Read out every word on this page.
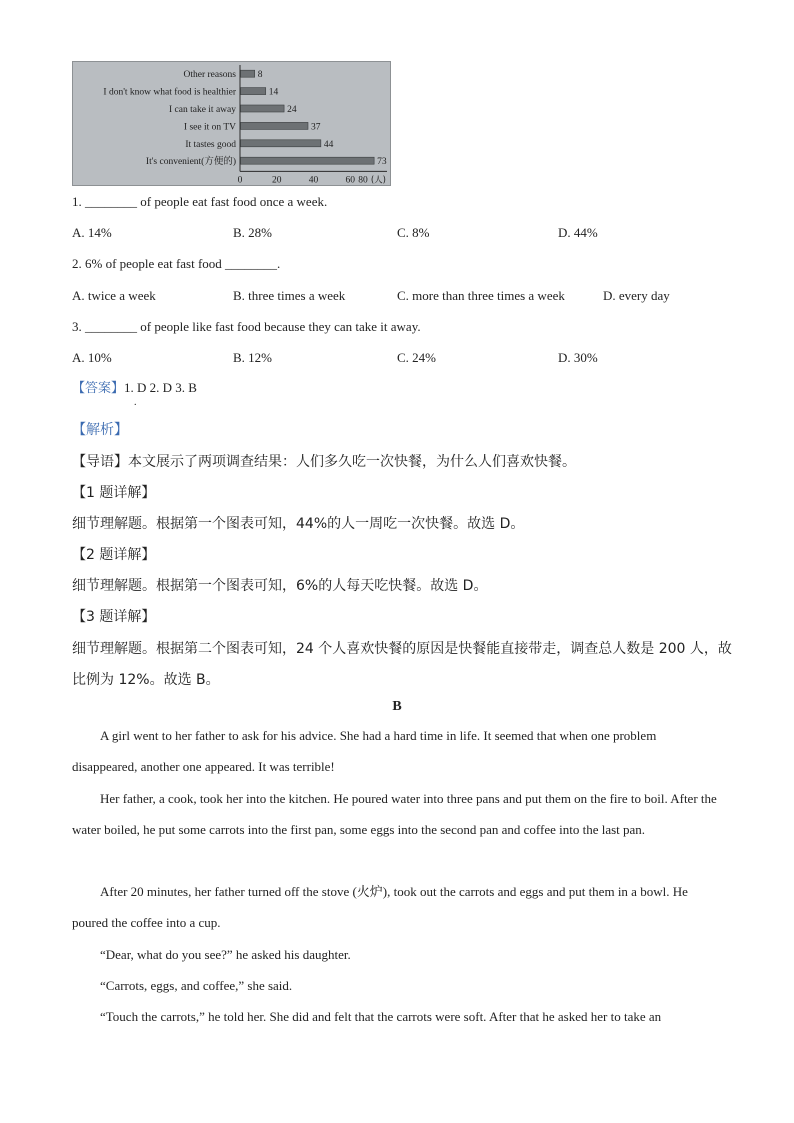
Other reasons 8
I don't know what food is healthier	14
I can take it away	24
I see it on TV	37
It tastes good	44
It's convenient(方便的)	73
0	20	40	60 80 (人)
1. ________ of people eat fast food once a week.
A. 14%	B. 28%	C. 8%	D. 44%
2. 6% of people eat fast food ________.
A. twice a week	B. three times a week	C. more than three times a week	D. every day
3. ________ of people like fast food because they can take it away.
A. 10%	B. 12%	C. 24%	D. 30%
【答案】1. D 2. D 3. B
.
【解析】
【导语】本文展示了两项调查结果：人们多久吃一次快餐，为什么人们喜欢快餐。
【1 题详解】
细节理解题。根据第一个图表可知，44%的人一周吃一次快餐。故选 D。
【2 题详解】
细节理解题。根据第一个图表可知，6%的人每天吃快餐。故选 D。
【3 题详解】
细节理解题。根据第二个图表可知，24 个人喜欢快餐的原因是快餐能直接带走，调查总人数是 200 人，故
比例为 12%。故选 B。
B
A girl went to her father to ask for his advice. She had a hard time in life. It seemed that when one problem disappeared, another one appeared. It was terrible!
Her father, a cook, took her into the kitchen. He poured water into three pans and put them on the fire to boil. After the water boiled, he put some carrots into the first pan, some eggs into the second pan and coffee into the last pan.
After 20 minutes, her father turned off the stove (火炉), took out the carrots and eggs and put them in a bowl. He poured the coffee into a cup.
“Dear, what do you see?” he asked his daughter.
“Carrots, eggs, and coffee,” she said.
“Touch the carrots,” he told her. She did and felt that the carrots were soft. After that he asked her to take an
